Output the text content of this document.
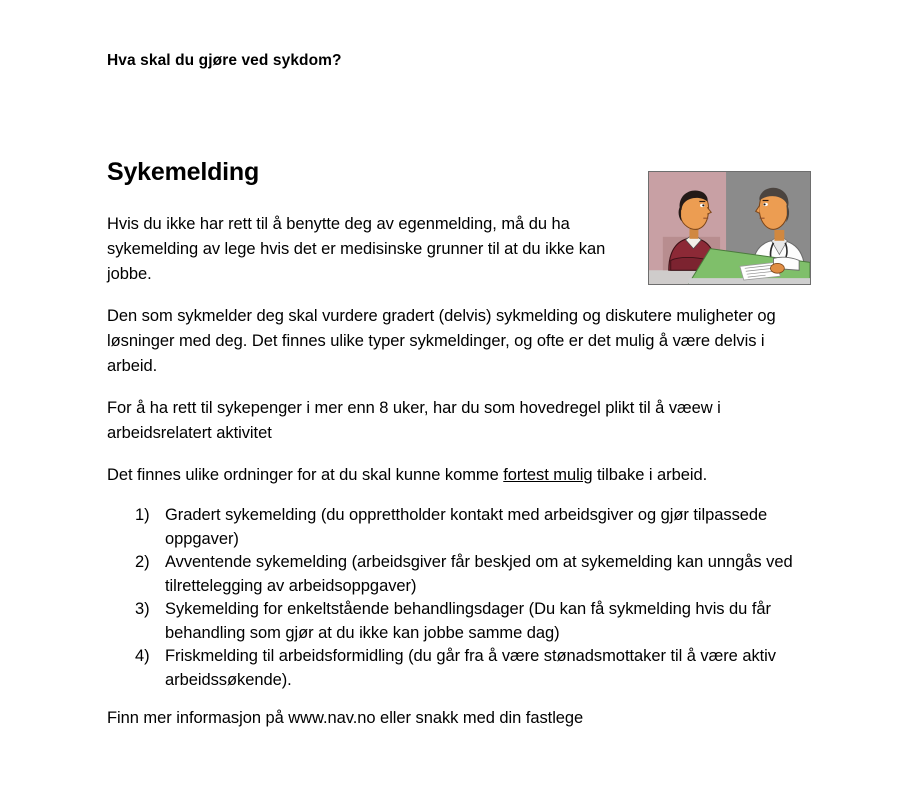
Hva skal du gjøre ved sykdom?
Sykemelding

Hvis du ikke har rett til å benytte deg av egenmelding, må du ha sykemelding av lege hvis det er medisinske grunner til at du ikke kan jobbe.

Den som sykmelder deg skal vurdere gradert (delvis) sykmelding og diskutere muligheter og løsninger med deg. Det finnes ulike typer sykmeldinger, og ofte er det mulig å være delvis i arbeid.

For å ha rett til sykepenger i mer enn 8 uker, har du som hovedregel plikt til å væew i arbeidsrelatert aktivitet

Det finnes ulike ordninger for at du skal kunne komme fortest mulig tilbake i arbeid.

1) Gradert sykemelding (du opprettholder kontakt med arbeidsgiver og gjør tilpassede oppgaver)
2) Avventende sykemelding (arbeidsgiver får beskjed om at sykemelding kan unngås ved tilrettelegging av arbeidsoppgaver)
3) Sykemelding for enkeltstående behandlingsdager (Du kan få sykmelding hvis du får behandling som gjør at du ikke kan jobbe samme dag)
4) Friskmelding til arbeidsformidling (du går fra å være stønadsmottaker til å være aktiv arbeidssøkende).
Finn mer informasjon på www.nav.no eller snakk med din fastlege
